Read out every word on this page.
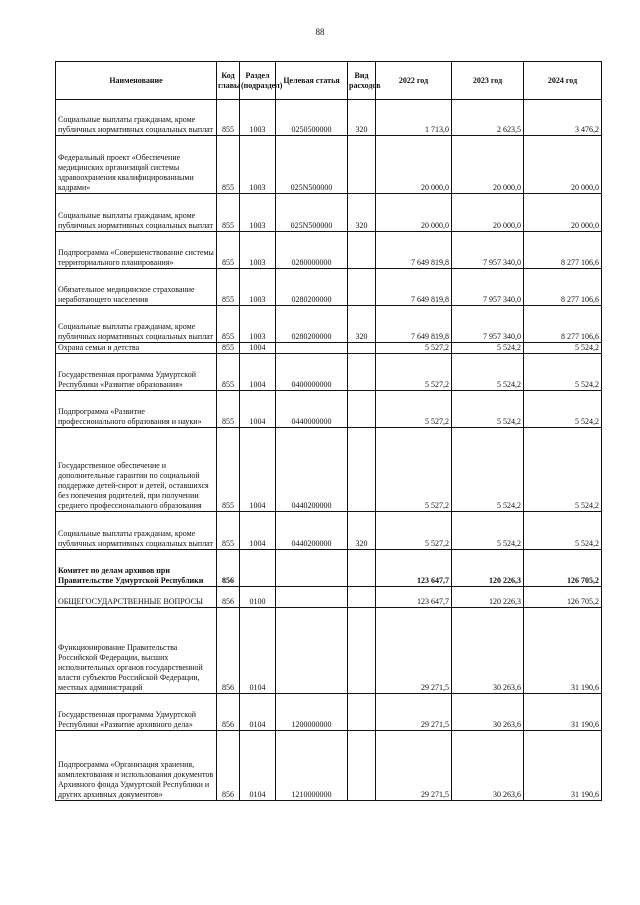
88
Наименование	Код главы	Раздел (подраздел)	Целевая статья	Вид расходов	2022 год	2023 год	2024 год
Социальные выплаты гражданам, кроме публичных нормативных социальных выплат	855	1003	0250500000	320	1 713,0	2 623,5	3 476,2
Федеральный проект «Обеспечение медицинских организаций системы здравоохранения квалифицированными кадрами»	855	1003	025N500000		20 000,0	20 000,0	20 000,0
Социальные выплаты гражданам, кроме публичных нормативных социальных выплат	855	1003	025N500000	320	20 000,0	20 000,0	20 000,0
Подпрограмма «Совершенствование системы территориального планирования»	855	1003	0280000000		7 649 819,8	7 957 340,0	8 277 106,6
Обязательное медицинское страхование неработающего населения	855	1003	0280200000		7 649 819,8	7 957 340,0	8 277 106,6
Социальные выплаты гражданам, кроме публичных нормативных социальных выплат	855	1003	0280200000	320	7 649 819,8	7 957 340,0	8 277 106,6
Охрана семьи и детства	855	1004			5 527,2	5 524,2	5 524,2
Государственная программа Удмуртской Республики «Развитие образования»	855	1004	0400000000		5 527,2	5 524,2	5 524,2
Подпрограмма «Развитие профессионального образования и науки»	855	1004	0440000000		5 527,2	5 524,2	5 524,2
Государственное обеспечение и дополнительные гарантии по социальной поддержке детей-сирот и детей, оставшихся без попечения родителей, при получении среднего профессионального образования	855	1004	0440200000		5 527,2	5 524,2	5 524,2
Социальные выплаты гражданам, кроме публичных нормативных социальных выплат	855	1004	0440200000	320	5 527,2	5 524,2	5 524,2
Комитет по делам архивов при Правительстве Удмуртской Республики	856				123 647,7	120 226,3	126 705,2
ОБЩЕГОСУДАРСТВЕННЫЕ ВОПРОСЫ	856	0100			123 647,7	120 226,3	126 705,2
Функционирование Правительства Российской Федерации, высших исполнительных органов государственной власти субъектов Российской Федерации, местных администраций	856	0104			29 271,5	30 263,6	31 190,6
Государственная программа Удмуртской Республики «Развитие архивного дела»	856	0104	1200000000		29 271,5	30 263,6	31 190,6
Подпрограмма «Организация хранения, комплектования и использования документов Архивного фонда Удмуртской Республики и других архивных документов»	856	0104	1210000000		29 271,5	30 263,6	31 190,6
